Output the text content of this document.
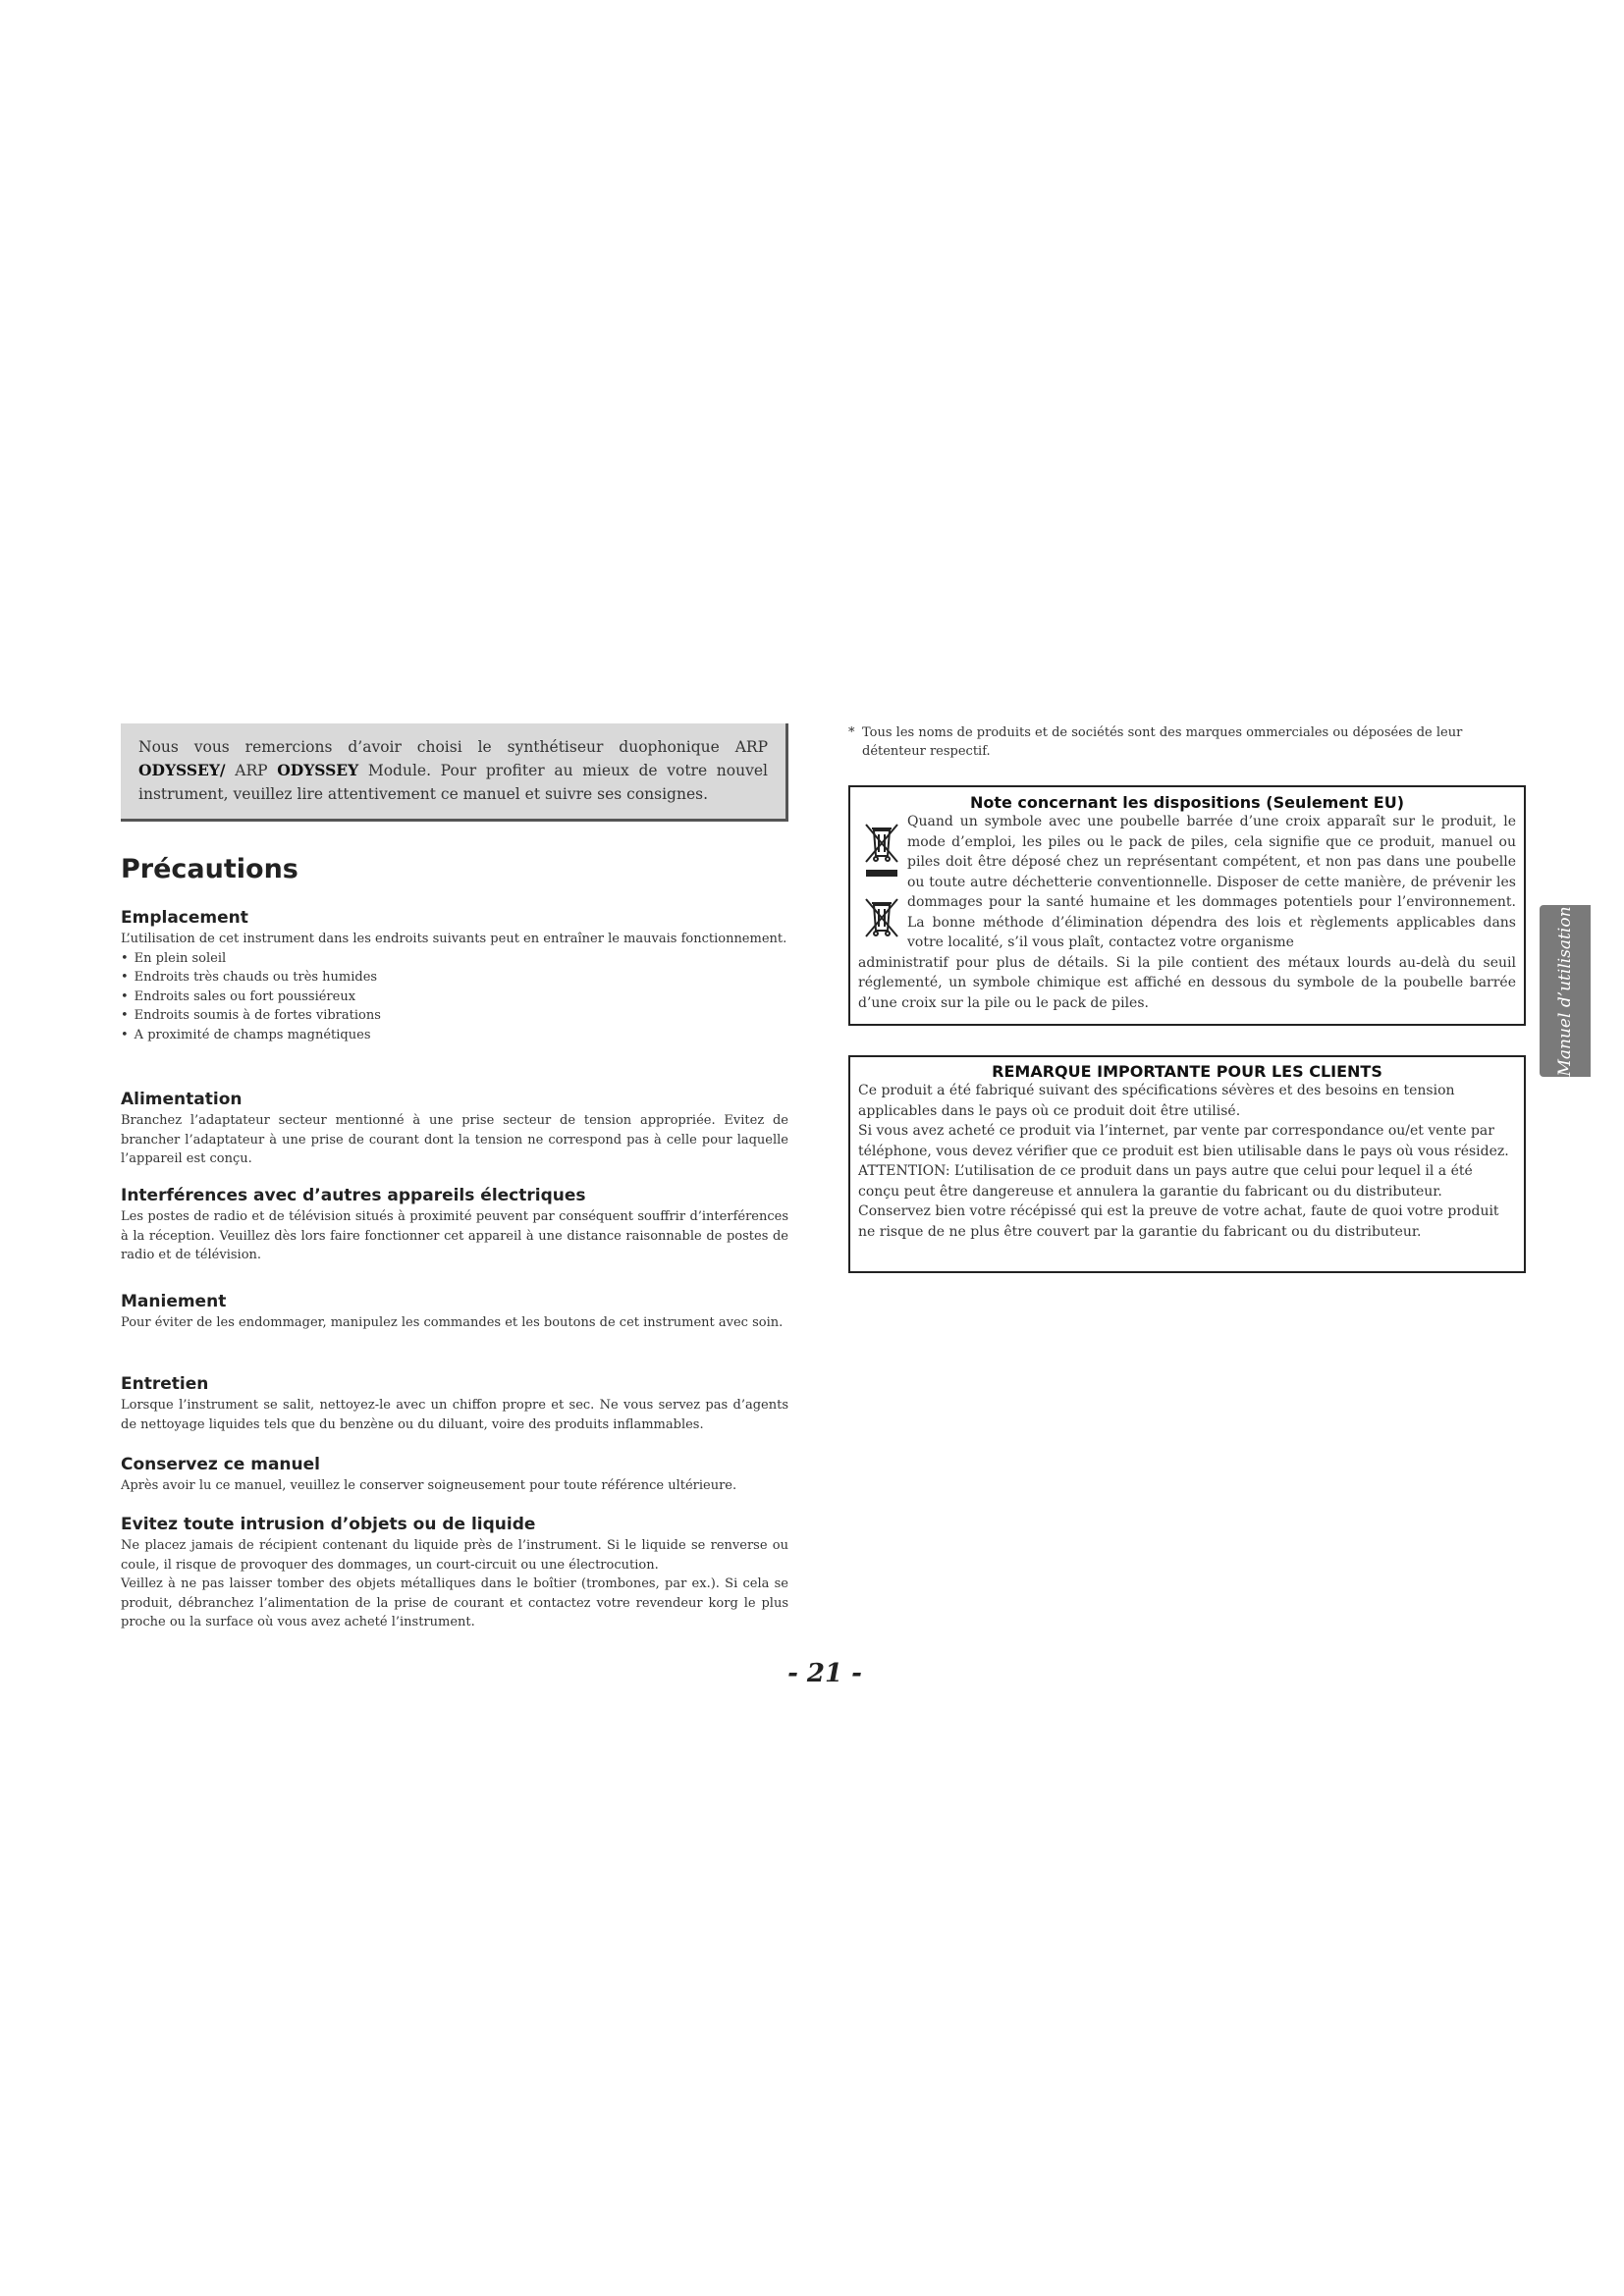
Nous vous remercions d’avoir choisi le synthétiseur duophonique ARP ODYSSEY/ ARP ODYSSEY Module. Pour profiter au mieux de votre nouvel instrument, veuillez lire attentivement ce manuel et suivre ses consignes.
Précautions
Emplacement

L’utilisation de cet instrument dans les endroits suivants peut en entraîner le mauvais fonctionnement.

• En plein soleil
• Endroits très chauds ou très humides
• Endroits sales ou fort poussiéreux
• Endroits soumis à de fortes vibrations
• A proximité de champs magnétiques
Alimentation

Branchez l’adaptateur secteur mentionné à une prise secteur de tension appropriée. Evitez de brancher l’adaptateur à une prise de courant dont la tension ne correspond pas à celle pour laquelle l’appareil est conçu.

Interférences avec d’autres appareils électriques

Les postes de radio et de télévision situés à proximité peuvent par conséquent souffrir d’interférences à la réception. Veuillez dès lors faire fonctionner cet appareil à une distance raisonnable de postes de radio et de télévision.

Maniement

Pour éviter de les endommager, manipulez les commandes et les boutons de cet instrument avec soin.

Entretien

Lorsque l’instrument se salit, nettoyez-le avec un chiffon propre et sec. Ne vous servez pas d’agents de nettoyage liquides tels que du benzène ou du diluant, voire des produits inflammables.

Conservez ce manuel

Après avoir lu ce manuel, veuillez le conserver soigneusement pour toute référence ultérieure.

Evitez toute intrusion d’objets ou de liquide

Ne placez jamais de récipient contenant du liquide près de l’instrument. Si le liquide se renverse ou coule, il risque de provoquer des dommages, un court-circuit ou une électrocution.

Veillez à ne pas laisser tomber des objets métalliques dans le boîtier (trombones, par ex.). Si cela se produit, débranchez l’alimentation de la prise de courant et contactez votre revendeur korg le plus proche ou la surface où vous avez acheté l’instrument.

* Tous les noms de produits et de sociétés sont des marques ommerciales ou déposées de leur détenteur respectif.
Note concernant les dispositions (Seulement EU)
Quand un symbole avec une poubelle barrée d’une croix apparaît sur le produit, le mode d’emploi, les piles ou le pack de piles, cela signifie que ce produit, manuel ou piles doit être déposé chez un représentant compétent, et non pas dans une poubelle ou toute autre déchetterie conventionnelle. Disposer de cette manière, de prévenir les dommages pour la santé humaine et les dommages potentiels pour l’environnement. La bonne méthode d’élimination dépendra des lois et règlements applicables dans votre localité, s’il vous plaît, contactez votre organisme
administratif pour plus de détails. Si la pile contient des métaux lourds au-delà du seuil réglementé, un symbole chimique est affiché en dessous du symbole de la poubelle barrée d’une croix sur la pile ou le pack de piles.
REMARQUE IMPORTANTE POUR LES CLIENTS

Ce produit a été fabriqué suivant des spécifications sévères et des besoins en tension applicables dans le pays où ce produit doit être utilisé.

Si vous avez acheté ce produit via l’internet, par vente par correspondance ou/et vente par téléphone, vous devez vérifier que ce produit est bien utilisable dans le pays où vous résidez.

ATTENTION: L’utilisation de ce produit dans un pays autre que celui pour lequel il a été conçu peut être dangereuse et annulera la garantie du fabricant ou du distributeur.

Conservez bien votre récépissé qui est la preuve de votre achat, faute de quoi votre produit ne risque de ne plus être couvert par la garantie du fabricant ou du distributeur.

- 21 -
Manuel d’utilisation
